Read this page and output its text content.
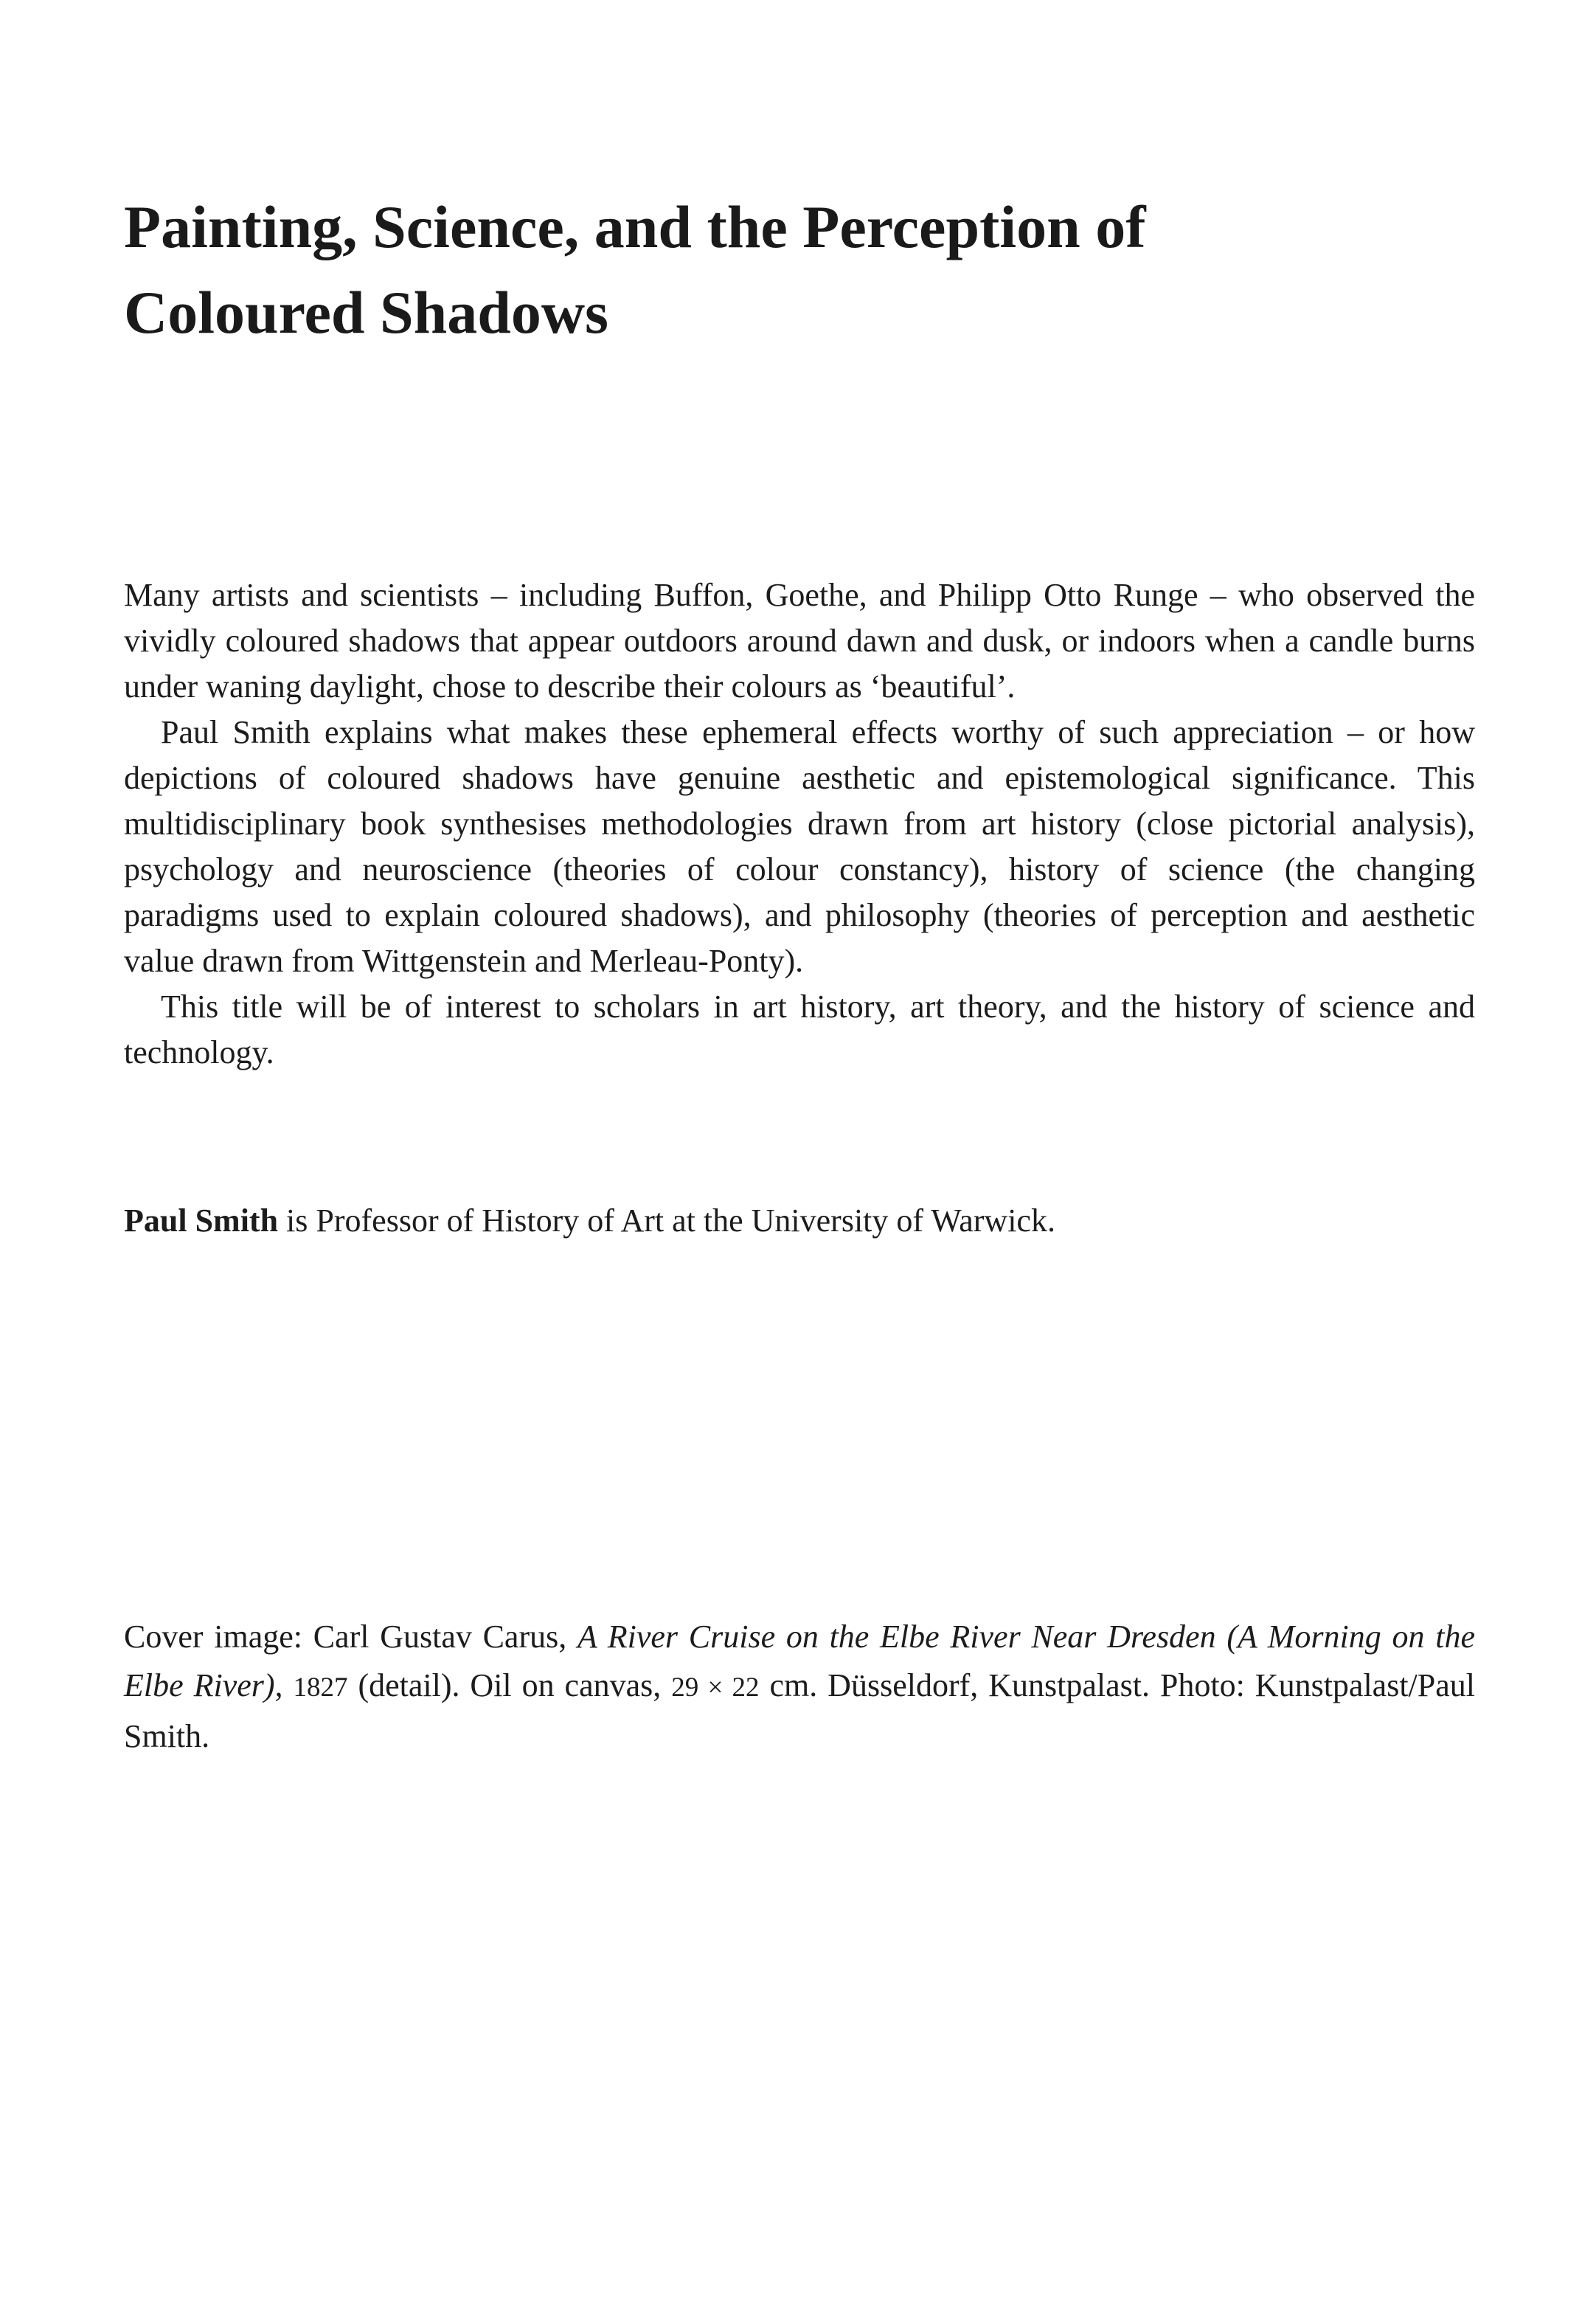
Painting, Science, and the Perception of
Coloured Shadows

Many artists and scientists – including Buffon, Goethe, and Philipp Otto Runge – who observed the vividly coloured shadows that appear outdoors around dawn and dusk, or indoors when a candle burns under waning daylight, chose to describe their colours as ‘beautiful’.

Paul Smith explains what makes these ephemeral effects worthy of such appreciation – or how depictions of coloured shadows have genuine aesthetic and epistemological significance. This multidisciplinary book synthesises methodologies drawn from art history (close pictorial analysis), psychology and neuroscience (theories of colour constancy), history of science (the changing paradigms used to explain coloured shadows), and philosophy (theories of perception and aesthetic value drawn from Wittgenstein and Merleau-Ponty).

This title will be of interest to scholars in art history, art theory, and the history of science and technology.

Paul Smith is Professor of History of Art at the University of Warwick.

Cover image: Carl Gustav Carus, A River Cruise on the Elbe River Near Dresden (A Morning on the Elbe River), 1827 (detail). Oil on canvas, 29 × 22 cm. Düsseldorf, Kunstpalast. Photo: Kunstpalast/Paul Smith.
